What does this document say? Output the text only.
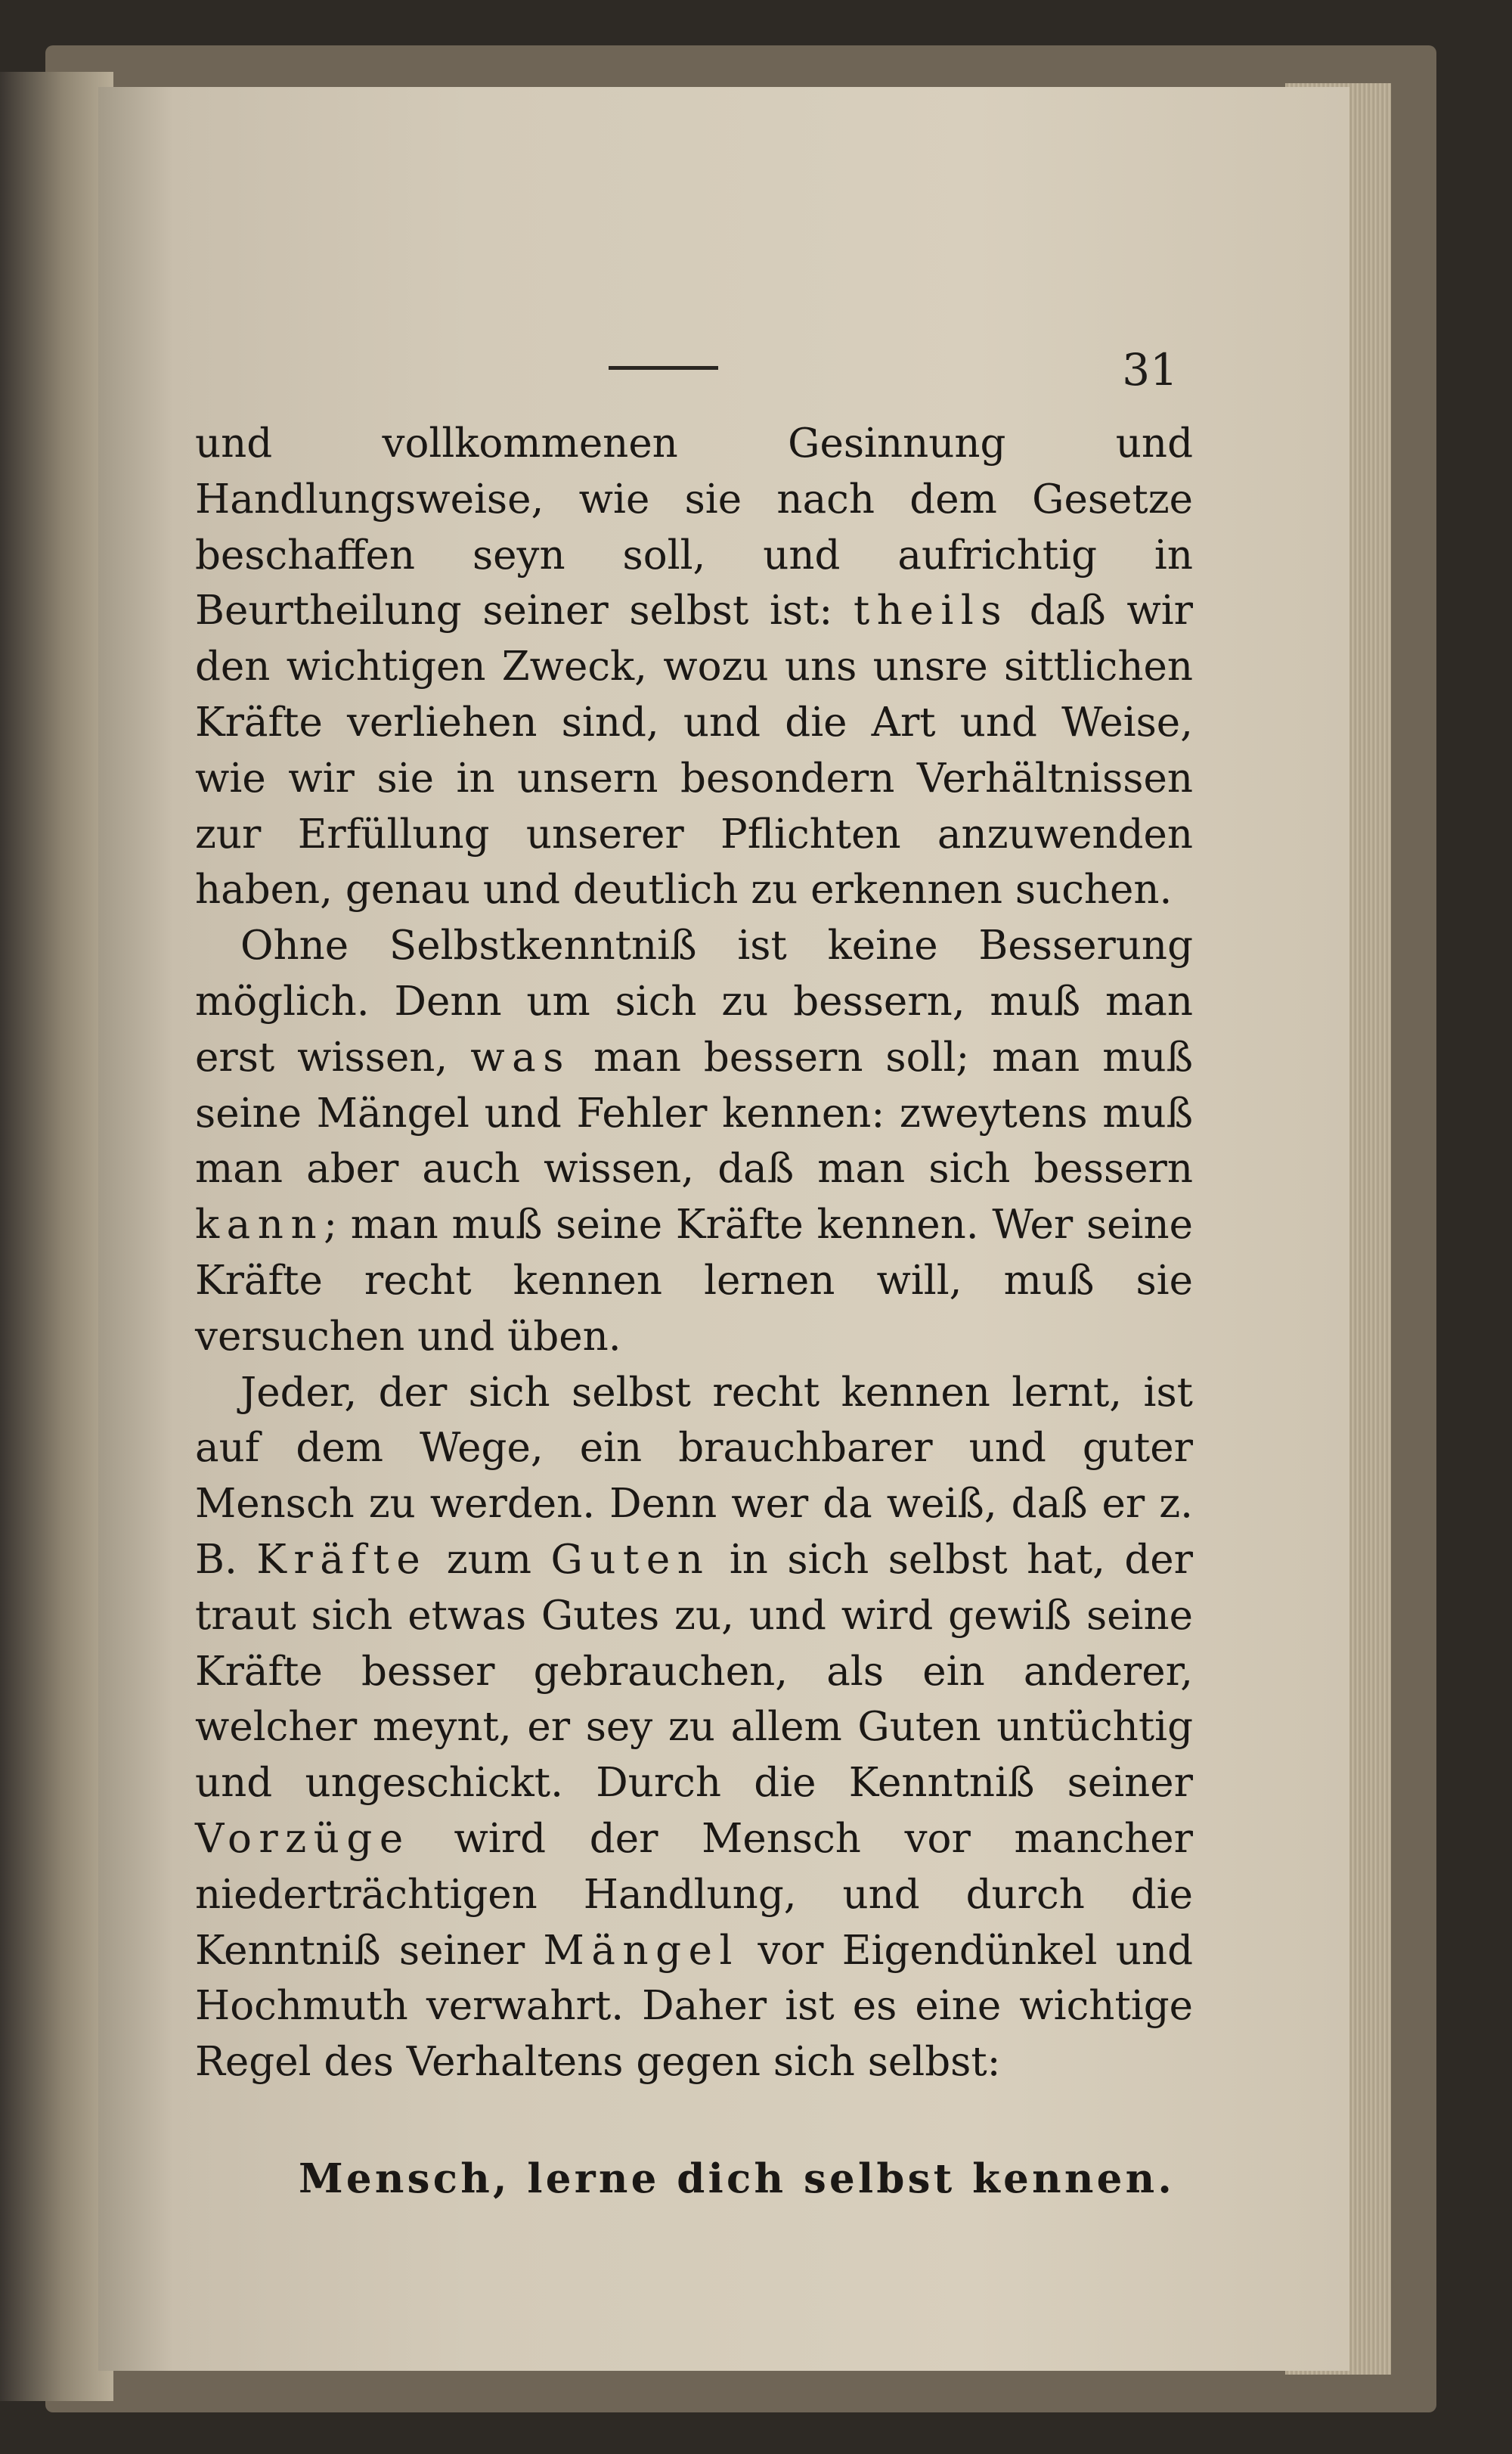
31

und vollkommenen Gesinnung und Handlungsweise, wie sie nach dem Gesetze beschaffen seyn soll, und aufrichtig in Beurtheilung seiner selbst ist: theils daß wir den wichtigen Zweck, wozu uns unsre sittlichen Kräfte verliehen sind, und die Art und Weise, wie wir sie in unsern besondern Verhältnissen zur Erfüllung unserer Pflichten anzuwenden haben, genau und deutlich zu erkennen suchen.

Ohne Selbstkenntniß ist keine Besserung möglich. Denn um sich zu bessern, muß man erst wissen, was man bessern soll; man muß seine Mängel und Fehler kennen: zweytens muß man aber auch wissen, daß man sich bessern kann; man muß seine Kräfte kennen. Wer seine Kräfte recht kennen lernen will, muß sie versuchen und üben.

Jeder, der sich selbst recht kennen lernt, ist auf dem Wege, ein brauchbarer und guter Mensch zu werden. Denn wer da weiß, daß er z. B. Kräfte zum Guten in sich selbst hat, der traut sich etwas Gutes zu, und wird gewiß seine Kräfte besser gebrauchen, als ein anderer, welcher meynt, er sey zu allem Guten untüchtig und ungeschickt. Durch die Kenntniß seiner Vorzüge wird der Mensch vor mancher niederträchtigen Handlung, und durch die Kenntniß seiner Mängel vor Eigendünkel und Hochmuth verwahrt. Daher ist es eine wichtige Regel des Verhaltens gegen sich selbst:

Mensch, lerne dich selbst kennen.
